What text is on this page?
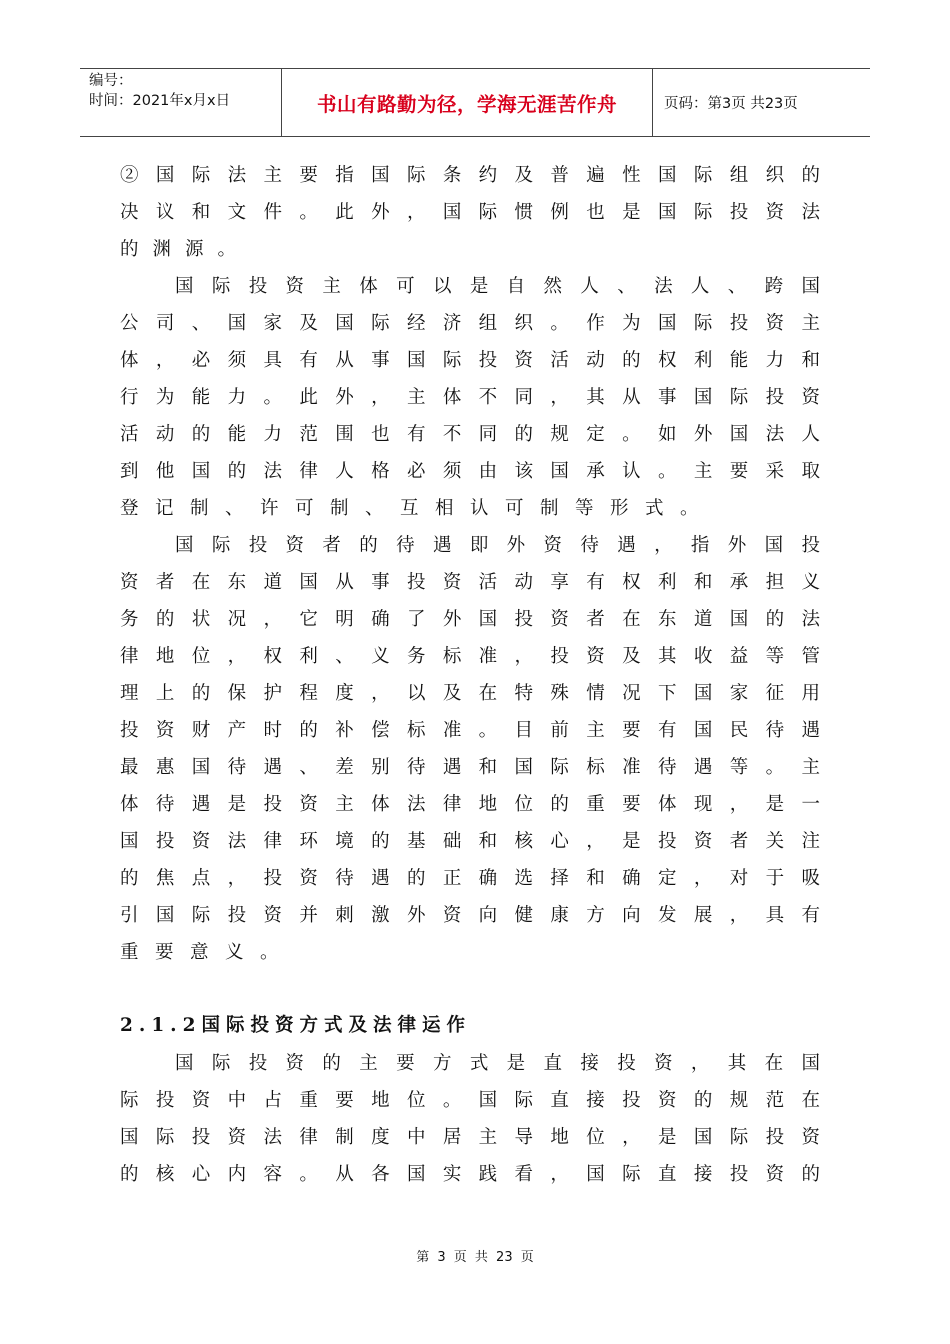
编号：
时间：2021年x月x日	书山有路勤为径，学海无涯苦作舟	页码：第3页 共23页
② 国 际 法 主 要 指 国 际 条 约 及 普 遍 性 国 际 组 织 的
决 议 和 文 件 。 此 外 ， 国 际 惯 例 也 是 国 际 投 资 法
的渊源。
国 际 投 资 主 体 可 以 是 自 然 人 、 法 人 、 跨 国
公 司 、 国 家 及 国 际 经 济 组 织 。 作 为 国 际 投 资 主
体 ， 必 须 具 有 从 事 国 际 投 资 活 动 的 权 利 能 力 和
行 为 能 力 。 此 外 ， 主 体 不 同 ， 其 从 事 国 际 投 资
活 动 的 能 力 范 围 也 有 不 同 的 规 定 。 如 外 国 法 人
到 他 国 的 法 律 人 格 必 须 由 该 国 承 认 。 主 要 采 取
登记制、许可制、互相认可制等形式。
国 际 投 资 者 的 待 遇 即 外 资 待 遇 ， 指 外 国 投
资 者 在 东 道 国 从 事 投 资 活 动 享 有 权 利 和 承 担 义
务 的 状 况 ， 它 明 确 了 外 国 投 资 者 在 东 道 国 的 法
律 地 位 ， 权 利 、 义 务 标 准 ， 投 资 及 其 收 益 等 管
理 上 的 保 护 程 度 ， 以 及 在 特 殊 情 况 下 国 家 征 用
投 资 财 产 时 的 补 偿 标 准 。 目 前 主 要 有 国 民 待 遇
最 惠 国 待 遇 、 差 别 待 遇 和 国 际 标 准 待 遇 等 。 主
体 待 遇 是 投 资 主 体 法 律 地 位 的 重 要 体 现 ， 是 一
国 投 资 法 律 环 境 的 基 础 和 核 心 ， 是 投 资 者 关 注
的 焦 点 ， 投 资 待 遇 的 正 确 选 择 和 确 定 ， 对 于 吸
引 国 际 投 资 并 刺 激 外 资 向 健 康 方 向 发 展 ， 具 有
重要意义。
2.1.2国际投资方式及法律运作
国 际 投 资 的 主 要 方 式 是 直 接 投 资 ， 其 在 国
际 投 资 中 占 重 要 地 位 。 国 际 直 接 投 资 的 规 范 在
国 际 投 资 法 律 制 度 中 居 主 导 地 位 ， 是 国 际 投 资
的 核 心 内 容 。 从 各 国 实 践 看 ， 国 际 直 接 投 资 的
第 3 页 共 23 页
